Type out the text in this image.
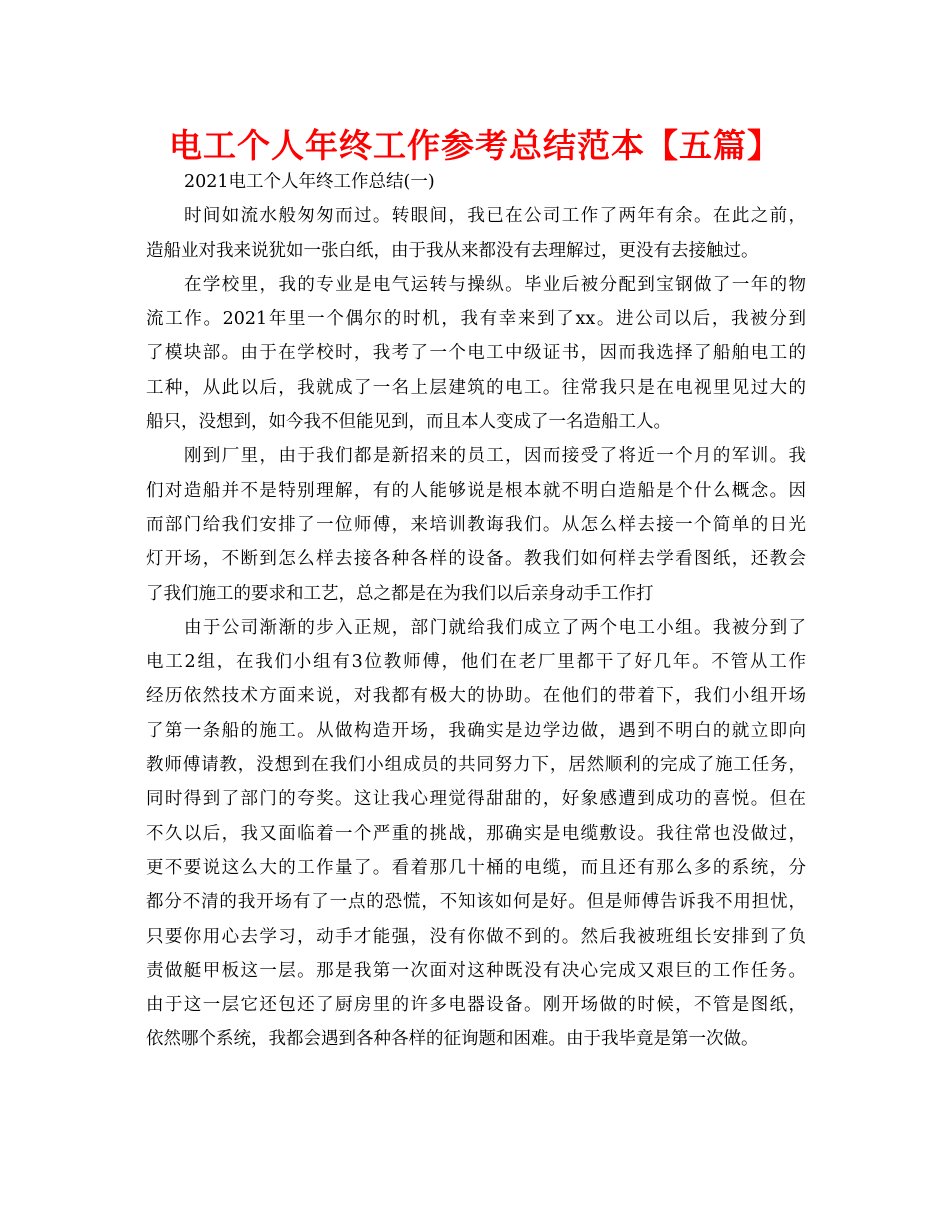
电工个人年终工作参考总结范本【五篇】

2021电工个人年终工作总结(一)

时间如流水般匆匆而过。转眼间，我已在公司工作了两年有余。在此之前，

造船业对我来说犹如一张白纸，由于我从来都没有去理解过，更没有去接触过。

在学校里，我的专业是电气运转与操纵。毕业后被分配到宝钢做了一年的物

流工作。2021年里一个偶尔的时机，我有幸来到了xx。进公司以后，我被分到

了模块部。由于在学校时，我考了一个电工中级证书，因而我选择了船舶电工的

工种，从此以后，我就成了一名上层建筑的电工。往常我只是在电视里见过大的

船只，没想到，如今我不但能见到，而且本人变成了一名造船工人。

刚到厂里，由于我们都是新招来的员工，因而接受了将近一个月的军训。我

们对造船并不是特别理解，有的人能够说是根本就不明白造船是个什么概念。因

而部门给我们安排了一位师傅，来培训教诲我们。从怎么样去接一个简单的日光

灯开场，不断到怎么样去接各种各样的设备。教我们如何样去学看图纸，还教会

了我们施工的要求和工艺，总之都是在为我们以后亲身动手工作打

由于公司渐渐的步入正规，部门就给我们成立了两个电工小组。我被分到了

电工2组，在我们小组有3位教师傅，他们在老厂里都干了好几年。不管从工作

经历依然技术方面来说，对我都有极大的协助。在他们的带着下，我们小组开场

了第一条船的施工。从做构造开场，我确实是边学边做，遇到不明白的就立即向

教师傅请教，没想到在我们小组成员的共同努力下，居然顺利的完成了施工任务，

同时得到了部门的夸奖。这让我心理觉得甜甜的，好象感遭到成功的喜悦。但在

不久以后，我又面临着一个严重的挑战，那确实是电缆敷设。我往常也没做过，

更不要说这么大的工作量了。看着那几十桶的电缆，而且还有那么多的系统，分

都分不清的我开场有了一点的恐慌，不知该如何是好。但是师傅告诉我不用担忧，

只要你用心去学习，动手才能强，没有你做不到的。然后我被班组长安排到了负

责做艇甲板这一层。那是我第一次面对这种既没有决心完成又艰巨的工作任务。

由于这一层它还包还了厨房里的许多电器设备。刚开场做的时候，不管是图纸，

依然哪个系统，我都会遇到各种各样的征询题和困难。由于我毕竟是第一次做。
